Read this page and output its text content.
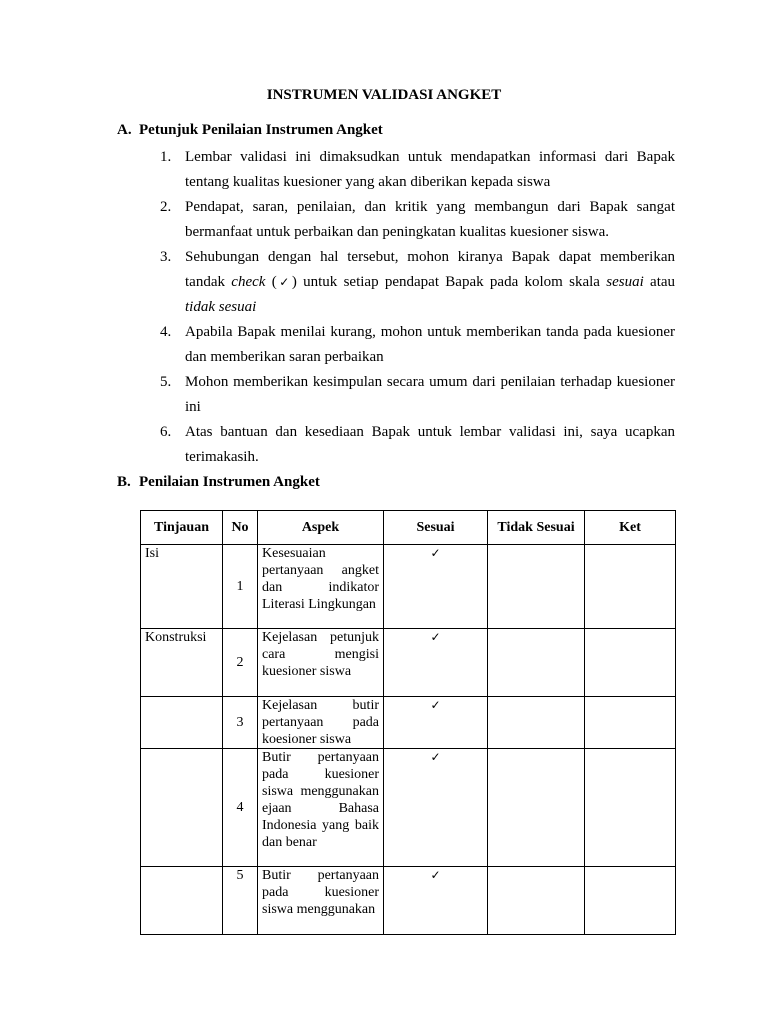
INSTRUMEN VALIDASI ANGKET
A. Petunjuk Penilaian Instrumen Angket
1. Lembar validasi ini dimaksudkan untuk mendapatkan informasi dari Bapak tentang kualitas kuesioner yang akan diberikan kepada siswa
2. Pendapat, saran, penilaian, dan kritik yang membangun dari Bapak sangat bermanfaat untuk perbaikan dan peningkatan kualitas kuesioner siswa.
3. Sehubungan dengan hal tersebut, mohon kiranya Bapak dapat memberikan tandak check (✓) untuk setiap pendapat Bapak pada kolom skala sesuai atau tidak sesuai
4. Apabila Bapak menilai kurang, mohon untuk memberikan tanda pada kuesioner dan memberikan saran perbaikan
5. Mohon memberikan kesimpulan secara umum dari penilaian terhadap kuesioner ini
6. Atas bantuan dan kesediaan Bapak untuk lembar validasi ini, saya ucapkan terimakasih.
B. Penilaian Instrumen Angket
Tinjauan	No	Aspek	Sesuai	Tidak Sesuai	Ket
Isi	1	Kesesuaian pertanyaan angket dan indikator Literasi Lingkungan	✓		
Konstruksi	2	Kejelasan petunjuk cara mengisi kuesioner siswa	✓		
	3	Kejelasan butir pertanyaan pada koesioner siswa	✓		
	4	Butir pertanyaan pada kuesioner siswa menggunakan ejaan Bahasa Indonesia yang baik dan benar	✓		
	5	Butir pertanyaan pada kuesioner siswa menggunakan	✓		
